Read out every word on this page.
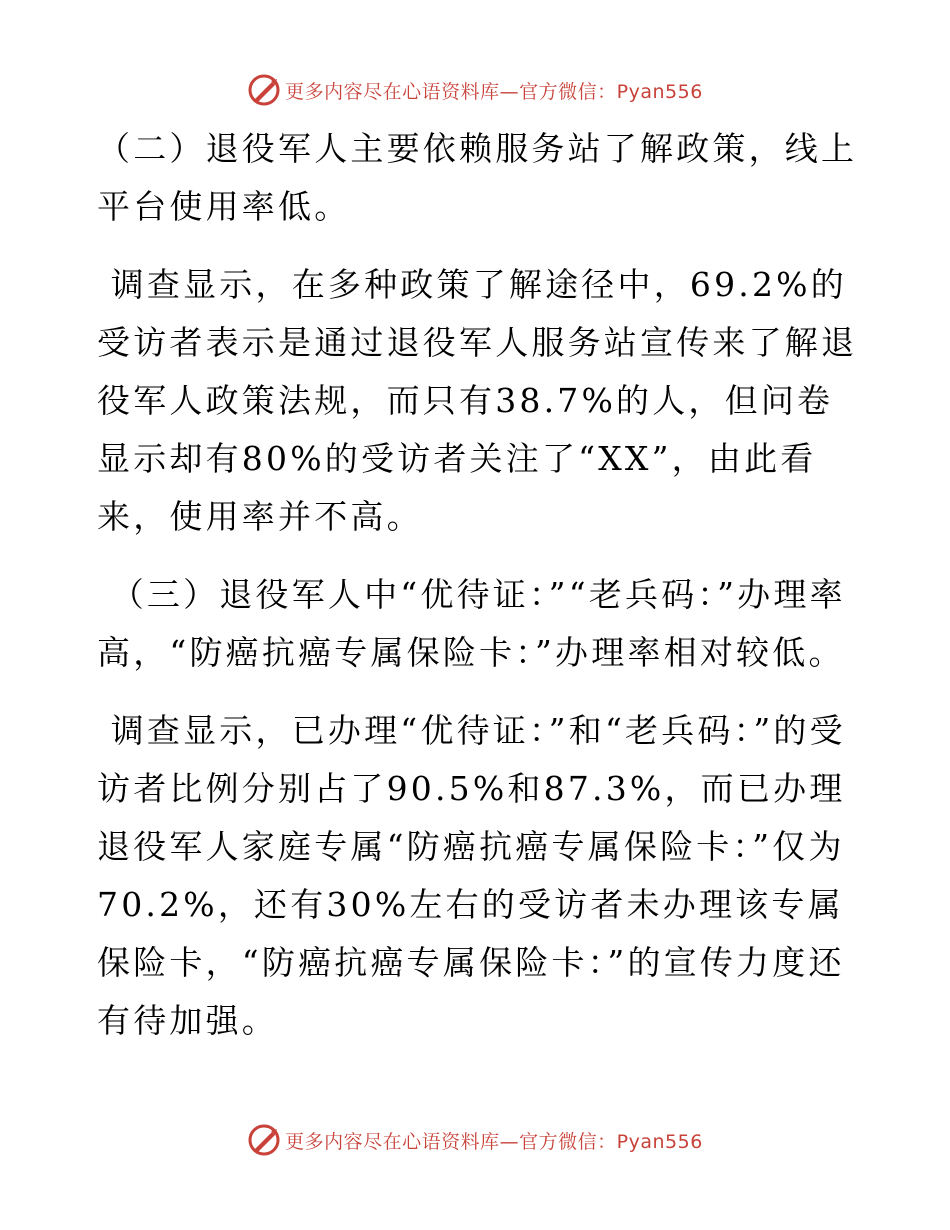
更多内容尽在心语资料库—官方微信：Pyan556

（二）退役军人主要依赖服务站了解政策，线上平台使用率低。

调查显示，在多种政策了解途径中，69.2%的受访者表示是通过退役军人服务站宣传来了解退役军人政策法规，而只有38.7%的人，但问卷显示却有80%的受访者关注了“XX”，由此看来，使用率并不高。

（三）退役军人中“优待证：”“老兵码：”办理率高，“防癌抗癌专属保险卡：”办理率相对较低。

调查显示，已办理“优待证：”和“老兵码：”的受访者比例分别占了90.5%和87.3%，而已办理退役军人家庭专属“防癌抗癌专属保险卡：”仅为70.2%，还有30%左右的受访者未办理该专属保险卡，“防癌抗癌专属保险卡：”的宣传力度还有待加强。

更多内容尽在心语资料库—官方微信：Pyan556
